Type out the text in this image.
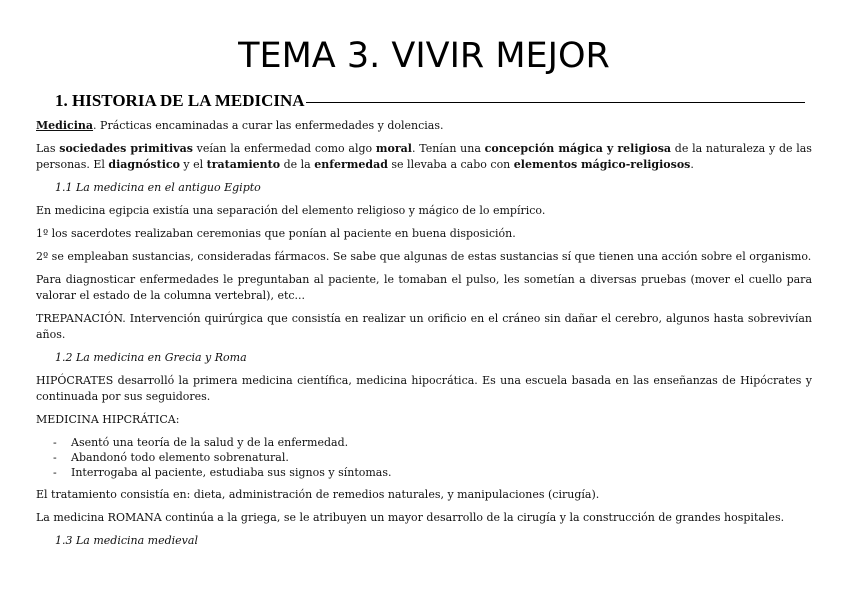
TEMA 3. VIVIR MEJOR
1. HISTORIA DE LA MEDICINA

Medicina. Prácticas encaminadas a curar las enfermedades y dolencias.

Las sociedades primitivas veían la enfermedad como algo moral. Tenían una concepción mágica y religiosa de la naturaleza y de las personas. El diagnóstico y el tratamiento de la enfermedad se llevaba a cabo con elementos mágico-religiosos.

1.1 La medicina en el antiguo Egipto

En medicina egipcia existía una separación del elemento religioso y mágico de lo empírico.

1º los sacerdotes realizaban ceremonias que ponían al paciente en buena disposición.

2º se empleaban sustancias, consideradas fármacos. Se sabe que algunas de estas sustancias sí que tienen una acción sobre el organismo.

Para diagnosticar enfermedades le preguntaban al paciente, le tomaban el pulso, les sometían a diversas pruebas (mover el cuello para valorar el estado de la columna vertebral), etc...

TREPANACIÓN. Intervención quirúrgica que consistía en realizar un orificio en el cráneo sin dañar el cerebro, algunos hasta sobrevivían años.

1.2 La medicina en Grecia y Roma

HIPÓCRATES desarrolló la primera medicina científica, medicina hipocrática. Es una escuela basada en las enseñanzas de Hipócrates y continuada por sus seguidores.

MEDICINA HIPCRÁTICA:

- Asentó una teoría de la salud y de la enfermedad.
- Abandonó todo elemento sobrenatural.
- Interrogaba al paciente, estudiaba sus signos y síntomas.

El tratamiento consistía en: dieta, administración de remedios naturales, y manipulaciones (cirugía).

La medicina ROMANA continúa a la griega, se le atribuyen un mayor desarrollo de la cirugía y la construcción de grandes hospitales.

1.3 La medicina medieval
